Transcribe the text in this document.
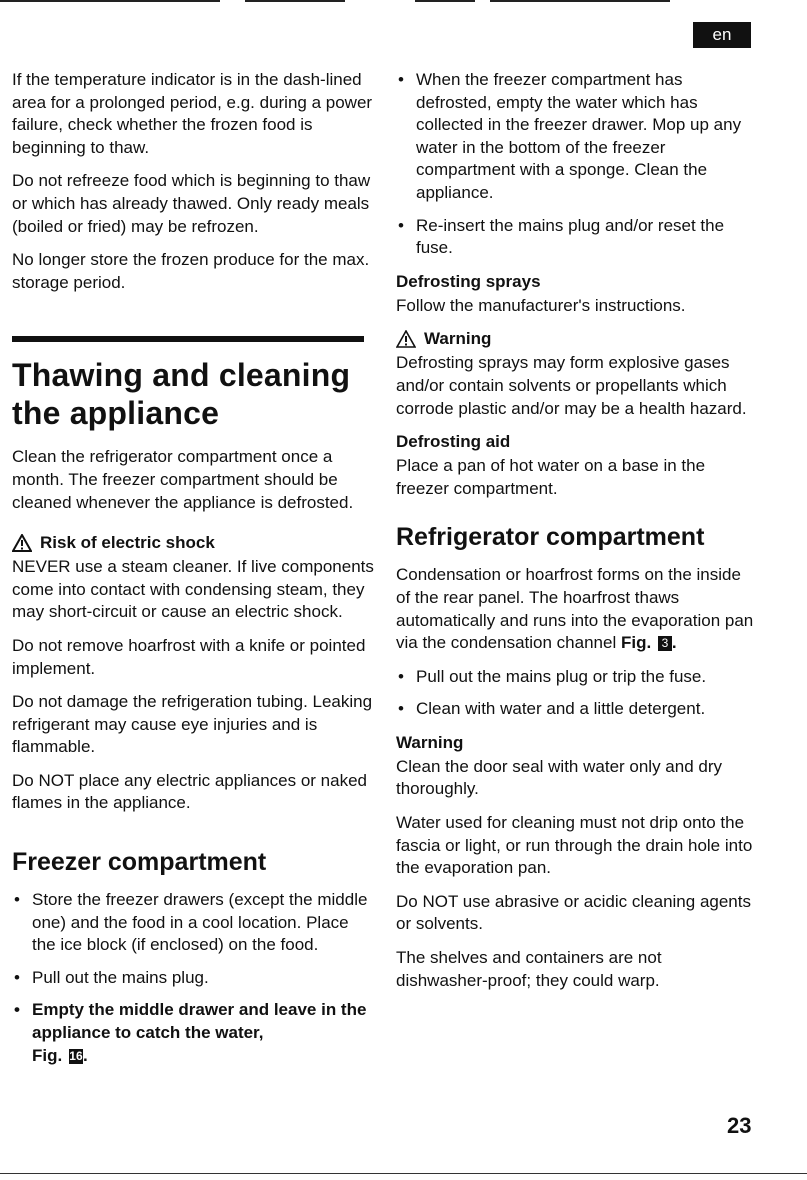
en

If the temperature indicator is in the dash-lined area for a prolonged period, e.g. during a power failure, check whether the frozen food is beginning to thaw.

Do not refreeze food which is beginning to thaw or which has already thawed. Only ready meals (boiled or fried) may be refrozen.

No longer store the frozen produce for the max. storage period.

Thawing and cleaning the appliance

Clean the refrigerator compartment once a month. The freezer compartment should be cleaned whenever the appliance is defrosted.

Risk of electric shock

NEVER use a steam cleaner. If live components come into contact with condensing steam, they may short-circuit or cause an electric shock.

Do not remove hoarfrost with a knife or pointed implement.

Do not damage the refrigeration tubing. Leaking refrigerant may cause eye injuries and is flammable.

Do NOT place any electric appliances or naked flames in the appliance.

Freezer compartment
• Store the freezer drawers (except the middle one) and the food in a cool location. Place the ice block (if enclosed) on the food.
• Pull out the mains plug.
• Empty the middle drawer and leave in the appliance to catch the water,
Fig. 16.
• When the freezer compartment has defrosted, empty the water which has collected in the freezer drawer. Mop up any water in the bottom of the freezer compartment with a sponge. Clean the appliance.
• Re-insert the mains plug and/or reset the fuse.
Defrosting sprays

Follow the manufacturer's instructions.

Warning

Defrosting sprays may form explosive gases and/or contain solvents or propellants which corrode plastic and/or may be a health hazard.

Defrosting aid

Place a pan of hot water on a base in the freezer compartment.

Refrigerator compartment

Condensation or hoarfrost forms on the inside of the rear panel. The hoarfrost thaws automatically and runs into the evaporation pan via the condensation channel Fig. 3 .

• Pull out the mains plug or trip the fuse.
• Clean with water and a little detergent.
Warning

Clean the door seal with water only and dry thoroughly.

Water used for cleaning must not drip onto the fascia or light, or run through the drain hole into the evaporation pan.

Do NOT use abrasive or acidic cleaning agents or solvents.

The shelves and containers are not dishwasher-proof; they could warp.

23
